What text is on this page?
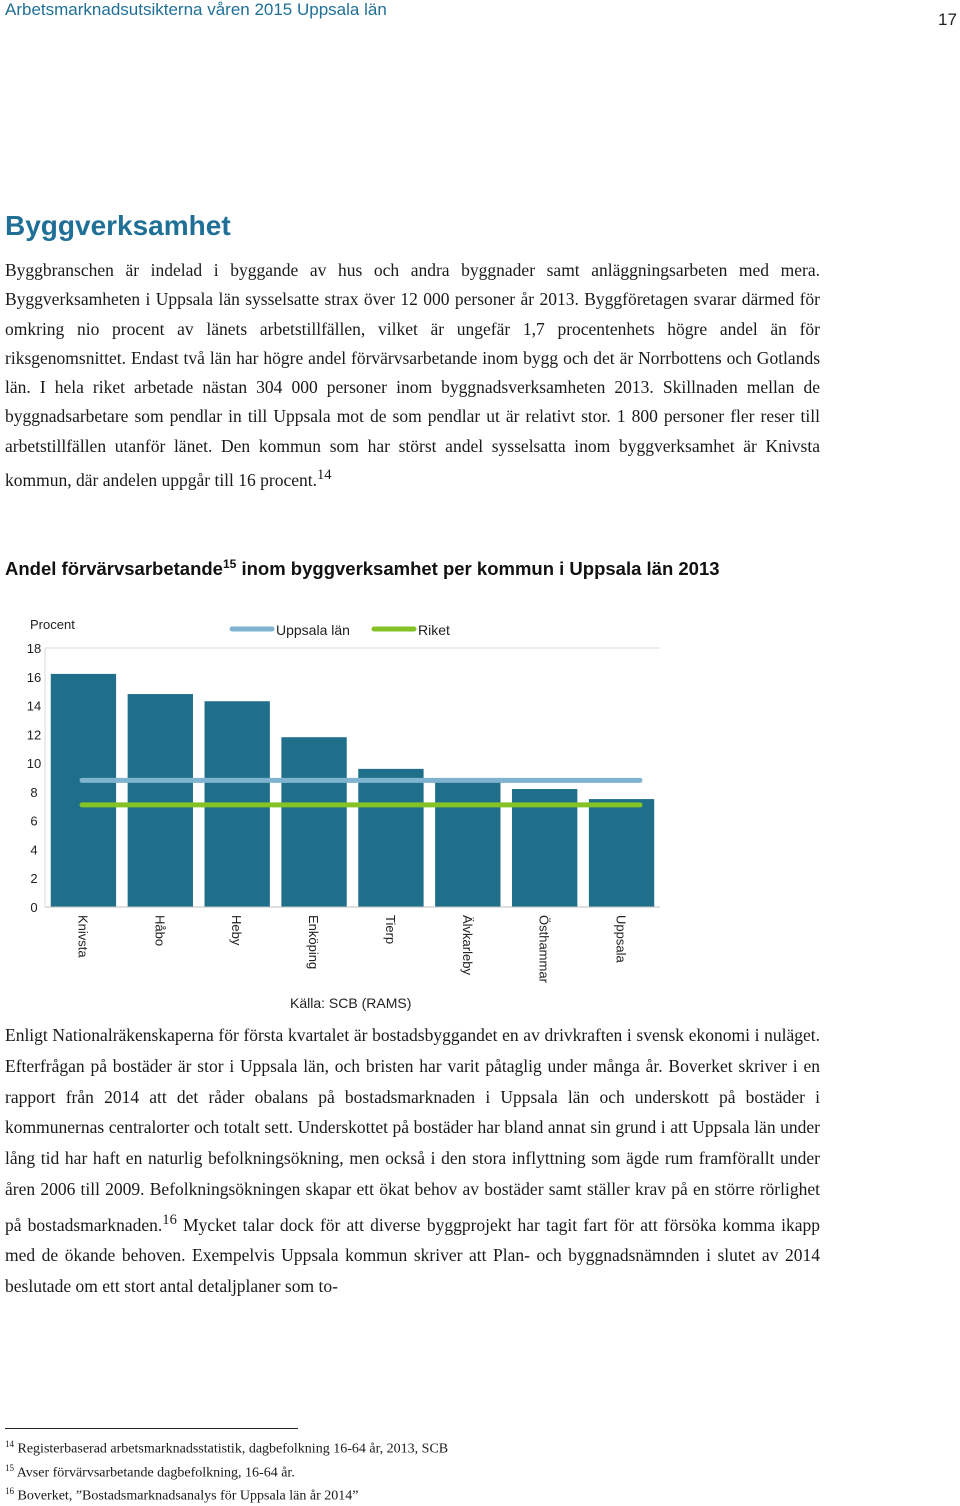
Arbetsmarknadsutsikterna våren 2015 Uppsala län
17
Byggverksamhet

Byggbranschen är indelad i byggande av hus och andra byggnader samt anläggningsarbeten med mera. Byggverksamheten i Uppsala län sysselsatte strax över 12 000 personer år 2013. Byggföretagen svarar därmed för omkring nio procent av länets arbetstillfällen, vilket är ungefär 1,7 procentenhets högre andel än för riksgenomsnittet. Endast två län har högre andel förvärvsarbetande inom bygg och det är Norrbottens och Gotlands län. I hela riket arbetade nästan 304 000 personer inom byggnadsverksamheten 2013. Skillnaden mellan de byggnadsarbetare som pendlar in till Uppsala mot de som pendlar ut är relativt stor. 1 800 personer fler reser till arbetstillfällen utanför länet. Den kommun som har störst andel sysselsatta inom byggverksamhet är Knivsta kommun, där andelen uppgår till 16 procent.$^{14}$

Andel förvärvsarbetande$^{15}$ inom byggverksamhet per kommun i Uppsala län 2013
0
2
4
6
8
10
12
14
16
18
Procent
Knivsta	Håbo	Heby	Enköping	Tierp	Älvkarleby	Östhammar	Uppsala
Uppsala län	Riket
Källa: SCB (RAMS)

Enligt Nationalräkenskaperna för första kvartalet är bostadsbyggandet en av drivkraften i svensk ekonomi i nuläget. Efterfrågan på bostäder är stor i Uppsala län, och bristen har varit påtaglig under många år. Boverket skriver i en rapport från 2014 att det råder obalans på bostadsmarknaden i Uppsala län och underskott på bostäder i kommunernas centralorter och totalt sett. Underskottet på bostäder har bland annat sin grund i att Uppsala län under lång tid har haft en naturlig befolkningsökning, men också i den stora inflyttning som ägde rum framförallt under åren 2006 till 2009. Befolkningsökningen skapar ett ökat behov av bostäder samt ställer krav på en större rörlighet på bostadsmarknaden.$^{16}$ Mycket talar dock för att diverse byggprojekt har tagit fart för att försöka komma ikapp med de ökande behoven. Exempelvis Uppsala kommun skriver att Plan- och byggnadsnämnden i slutet av 2014 beslutade om ett stort antal detaljplaner som to-

$^{14}$ Registerbaserad arbetsmarknadsstatistik, dagbefolkning 16-64 år, 2013, SCB
$^{15}$ Avser förvärvsarbetande dagbefolkning, 16-64 år.
$^{16}$ Boverket, ”Bostadsmarknadsanalys för Uppsala län år 2014”
